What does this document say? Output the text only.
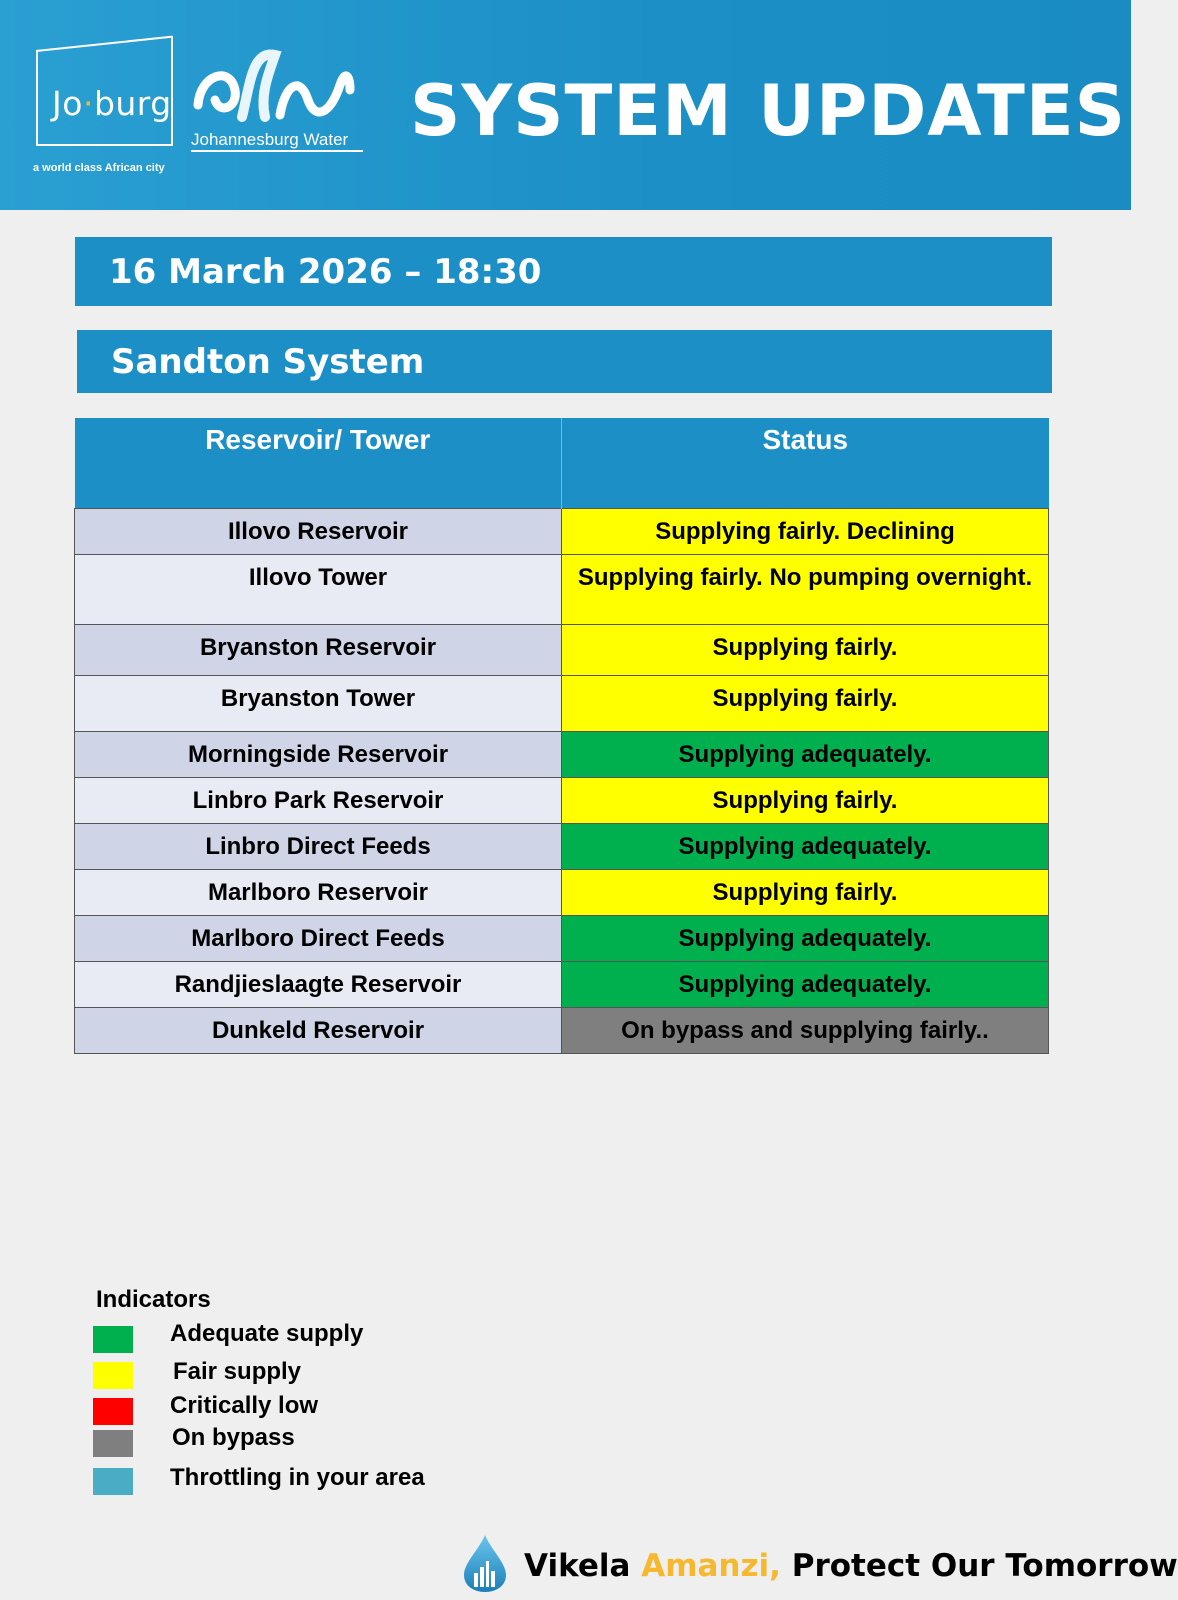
Jo·burg
a world class African city
Johannesburg Water SYSTEM UPDATES
16 March 2026 – 18:30
Sandton System
Reservoir/ Tower	Status
Illovo Reservoir	Supplying fairly. Declining
Illovo Tower	Supplying fairly. No pumping overnight.
Bryanston Reservoir	Supplying fairly.
Bryanston Tower	Supplying fairly.
Morningside Reservoir	Supplying adequately.
Linbro Park Reservoir	Supplying fairly.
Linbro Direct Feeds	Supplying adequately.
Marlboro Reservoir	Supplying fairly.
Marlboro Direct Feeds	Supplying adequately.
Randjieslaagte Reservoir	Supplying adequately.
Dunkeld Reservoir	On bypass and supplying fairly..
Indicators
Adequate supply
Fair supply
Critically low
On bypass
Throttling in your area
Vikela Amanzi, Protect Our Tomorrow
